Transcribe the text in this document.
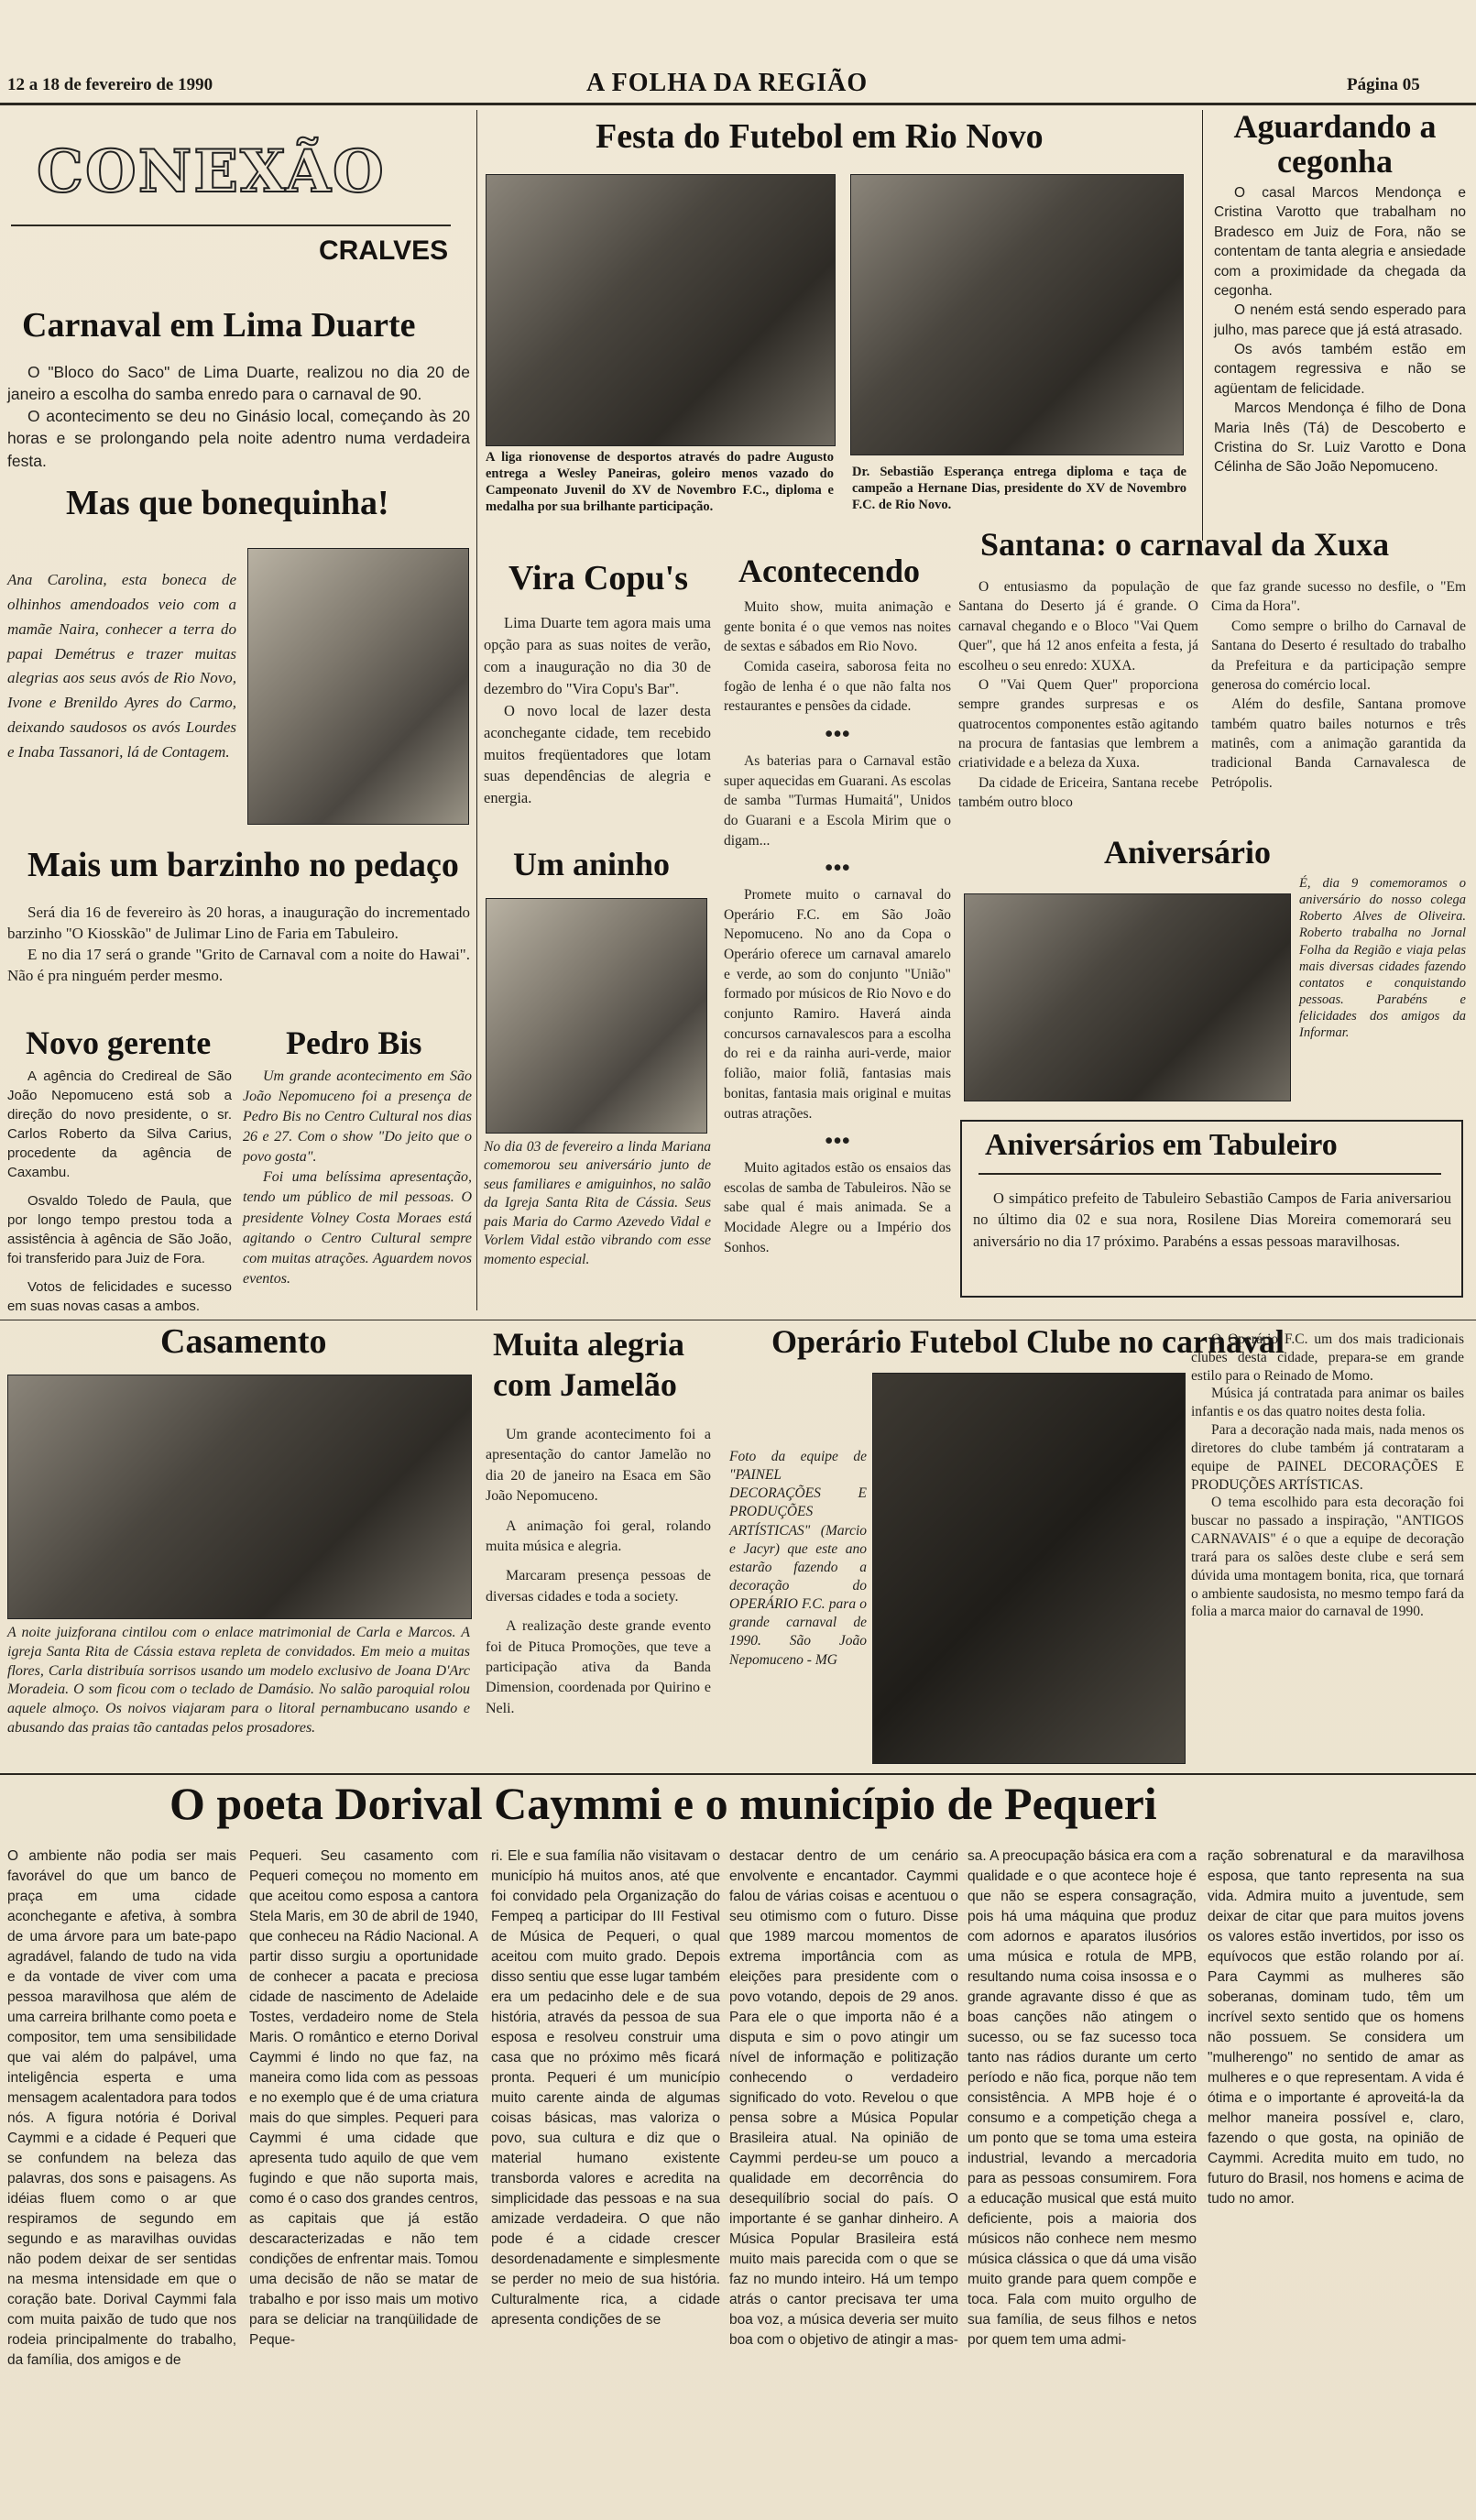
12 a 18 de fevereiro de 1990	A FOLHA DA REGIÃO	Página 05
CONEXÃO
CRALVES
Carnaval em Lima Duarte

O "Bloco do Saco" de Lima Duarte, realizou no dia 20 de janeiro a escolha do samba enredo para o carnaval de 90.

O acontecimento se deu no Ginásio local, começando às 20 horas e se prolongando pela noite adentro numa verdadeira festa.

Mas que bonequinha!
Ana Carolina, esta boneca de olhinhos amendoados veio com a mamãe Naira, conhecer a terra do papai Demétrus e trazer muitas alegrias aos seus avós de Rio Novo, Ivone e Brenildo Ayres do Carmo, deixando saudosos os avós Lourdes e Inaba Tassanori, lá de Contagem.
Mais um barzinho no pedaço

Será dia 16 de fevereiro às 20 horas, a inauguração do incrementado barzinho "O Kiosskão" de Julimar Lino de Faria em Tabuleiro.

E no dia 17 será o grande "Grito de Carnaval com a noite do Hawai". Não é pra ninguém perder mesmo.

Novo gerente

A agência do Credireal de São João Nepomuceno está sob a direção do novo presidente, o sr. Carlos Roberto da Silva Carius, procedente da agência de Caxambu.

Osvaldo Toledo de Paula, que por longo tempo prestou toda a assistência à agência de São João, foi transferido para Juiz de Fora.

Votos de felicidades e sucesso em suas novas casas a ambos.

Pedro Bis

Um grande acontecimento em São João Nepomuceno foi a presença de Pedro Bis no Centro Cultural nos dias 26 e 27. Com o show "Do jeito que o povo gosta".

Foi uma belíssima apresentação, tendo um público de mil pessoas. O presidente Volney Costa Moraes está agitando o Centro Cultural sempre com muitas atrações. Aguardem novos eventos.

Casamento
A noite juizforana cintilou com o enlace matrimonial de Carla e Marcos. A igreja Santa Rita de Cássia estava repleta de convidados. Em meio a muitas flores, Carla distribuía sorrisos usando um modelo exclusivo de Joana D'Arc Moradeia. O som ficou com o teclado de Damásio. No salão paroquial rolou aquele almoço. Os noivos viajaram para o litoral pernambucano usando e abusando das praias tão cantadas pelos prosadores.
Festa do Futebol em Rio Novo
A liga rionovense de desportos através do padre Augusto entrega a Wesley Paneiras, goleiro menos vazado do Campeonato Juvenil do XV de Novembro F.C., diploma e medalha por sua brilhante participação.
Dr. Sebastião Esperança entrega diploma e taça de campeão a Hernane Dias, presidente do XV de Novembro F.C. de Rio Novo.
Aguardando a cegonha

O casal Marcos Mendonça e Cristina Varotto que trabalham no Bradesco em Juiz de Fora, não se contentam de tanta alegria e ansiedade com a proximidade da chegada da cegonha.

O neném está sendo esperado para julho, mas parece que já está atrasado.

Os avós também estão em contagem regressiva e não se agüentam de felicidade.

Marcos Mendonça é filho de Dona Maria Inês (Tá) de Descoberto e Cristina do Sr. Luiz Varotto e Dona Célinha de São João Nepomuceno.

Vira Copu's

Lima Duarte tem agora mais uma opção para as suas noites de verão, com a inauguração no dia 30 de dezembro do "Vira Copu's Bar".

O novo local de lazer desta aconchegante cidade, tem recebido muitos freqüentadores que lotam suas dependências de alegria e energia.

Um aninho
No dia 03 de fevereiro a linda Mariana comemorou seu aniversário junto de seus familiares e amiguinhos, no salão da Igreja Santa Rita de Cássia. Seus pais Maria do Carmo Azevedo Vidal e Vorlem Vidal estão vibrando com esse momento especial.
Acontecendo

Muito show, muita animação e gente bonita é o que vemos nas noites de sextas e sábados em Rio Novo.

Comida caseira, saborosa feita no fogão de lenha é o que não falta nos restaurantes e pensões da cidade.

●●●

As baterias para o Carnaval estão super aquecidas em Guarani. As escolas de samba "Turmas Humaitá", Unidos do Guarani e a Escola Mirim que o digam...

●●●

Promete muito o carnaval do Operário F.C. em São João Nepomuceno. No ano da Copa o Operário oferece um carnaval amarelo e verde, ao som do conjunto "União" formado por músicos de Rio Novo e do conjunto Ramiro. Haverá ainda concursos carnavalescos para a escolha do rei e da rainha auri-verde, maior folião, maior foliã, fantasias mais bonitas, fantasia mais original e muitas outras atrações.

●●●

Muito agitados estão os ensaios das escolas de samba de Tabuleiros. Não se sabe qual é mais animada. Se a Mocidade Alegre ou a Império dos Sonhos.

Santana: o carnaval da Xuxa

O entusiasmo da população de Santana do Deserto já é grande. O carnaval chegando e o Bloco "Vai Quem Quer", que há 12 anos enfeita a festa, já escolheu o seu enredo: XUXA.

O "Vai Quem Quer" proporciona sempre grandes surpresas e os quatrocentos componentes estão agitando na procura de fantasias que lembrem a criatividade e a beleza da Xuxa.

Da cidade de Ericeira, Santana recebe também outro bloco

que faz grande sucesso no desfile, o "Em Cima da Hora".

Como sempre o brilho do Carnaval de Santana do Deserto é resultado do trabalho da Prefeitura e da participação sempre generosa do comércio local.

Além do desfile, Santana promove também quatro bailes noturnos e três matinês, com a animação garantida da tradicional Banda Carnavalesca de Petrópolis.

Aniversário
É, dia 9 comemoramos o aniversário do nosso colega Roberto Alves de Oliveira. Roberto trabalha no Jornal Folha da Região e viaja pelas mais diversas cidades fazendo contatos e conquistando pessoas. Parabéns e felicidades dos amigos da Informar.
Aniversários em Tabuleiro

O simpático prefeito de Tabuleiro Sebastião Campos de Faria aniversariou no último dia 02 e sua nora, Rosilene Dias Moreira comemorará seu aniversário no dia 17 próximo. Parabéns a essas pessoas maravilhosas.

Muita alegria com Jamelão

Um grande acontecimento foi a apresentação do cantor Jamelão no dia 20 de janeiro na Esaca em São João Nepomuceno.

A animação foi geral, rolando muita música e alegria.

Marcaram presença pessoas de diversas cidades e toda a society.

A realização deste grande evento foi de Pituca Promoções, que teve a participação ativa da Banda Dimension, coordenada por Quirino e Neli.

Operário Futebol Clube no carnaval
Foto da equipe de "PAINEL DECORAÇÕES E PRODUÇÕES ARTÍSTICAS" (Marcio e Jacyr) que este ano estarão fazendo a decoração do OPERÁRIO F.C. para o grande carnaval de 1990. São João Nepomuceno - MG

O Operário F.C. um dos mais tradicionais clubes desta cidade, prepara-se em grande estilo para o Reinado de Momo.

Música já contratada para animar os bailes infantis e os das quatro noites desta folia.

Para a decoração nada mais, nada menos os diretores do clube também já contrataram a equipe de PAINEL DECORAÇÕES E PRODUÇÕES ARTÍSTICAS.

O tema escolhido para esta decoração foi buscar no passado a inspiração, "ANTIGOS CARNAVAIS" é o que a equipe de decoração trará para os salões deste clube e será sem dúvida uma montagem bonita, rica, que tornará o ambiente saudosista, no mesmo tempo fará da folia a marca maior do carnaval de 1990.

O poeta Dorival Caymmi e o município de Pequeri
O ambiente não podia ser mais favorável do que um banco de praça em uma cidade aconchegante e afetiva, à sombra de uma árvore para um bate-papo agradável, falando de tudo na vida e da vontade de viver com uma pessoa maravilhosa que além de uma carreira brilhante como poeta e compositor, tem uma sensibilidade que vai além do palpável, uma inteligência esperta e uma mensagem acalentadora para todos nós. A figura notória é Dorival Caymmi e a cidade é Pequeri que se confundem na beleza das palavras, dos sons e paisagens. As idéias fluem como o ar que respiramos de segundo em segundo e as maravilhas ouvidas não podem deixar de ser sentidas na mesma intensidade em que o coração bate. Dorival Caymmi fala com muita paixão de tudo que nos rodeia principalmente do trabalho, da família, dos amigos e de
Pequeri. Seu casamento com Pequeri começou no momento em que aceitou como esposa a cantora Stela Maris, em 30 de abril de 1940, que conheceu na Rádio Nacional. A partir disso surgiu a oportunidade de conhecer a pacata e preciosa cidade de nascimento de Adelaide Tostes, verdadeiro nome de Stela Maris. O romântico e eterno Dorival Caymmi é lindo no que faz, na maneira como lida com as pessoas e no exemplo que é de uma criatura mais do que simples. Pequeri para Caymmi é uma cidade que apresenta tudo aquilo de que vem fugindo e que não suporta mais, como é o caso dos grandes centros, as capitais que já estão descaracterizadas e não tem condições de enfrentar mais. Tomou uma decisão de não se matar de trabalho e por isso mais um motivo para se deliciar na tranqüilidade de Peque-
ri. Ele e sua família não visitavam o município há muitos anos, até que foi convidado pela Organização do Fempeq a participar do III Festival de Música de Pequeri, o qual aceitou com muito grado. Depois disso sentiu que esse lugar também era um pedacinho dele e de sua história, através da pessoa de sua esposa e resolveu construir uma casa que no próximo mês ficará pronta. Pequeri é um município muito carente ainda de algumas coisas básicas, mas valoriza o povo, sua cultura e diz que o material humano existente transborda valores e acredita na simplicidade das pessoas e na sua amizade verdadeira. O que não pode é a cidade crescer desordenadamente e simplesmente se perder no meio de sua história. Culturalmente rica, a cidade apresenta condições de se
destacar dentro de um cenário envolvente e encantador. Caymmi falou de várias coisas e acentuou o seu otimismo com o futuro. Disse que 1989 marcou momentos de extrema importância com as eleições para presidente com o povo votando, depois de 29 anos. Para ele o que importa não é a disputa e sim o povo atingir um nível de informação e politização conhecendo o verdadeiro significado do voto. Revelou o que pensa sobre a Música Popular Brasileira atual. Na opinião de Caymmi perdeu-se um pouco a qualidade em decorrência do desequilíbrio social do país. O importante é se ganhar dinheiro. A Música Popular Brasileira está muito mais parecida com o que se faz no mundo inteiro. Há um tempo atrás o cantor precisava ter uma boa voz, a música deveria ser muito boa com o objetivo de atingir a mas-
sa. A preocupação básica era com a qualidade e o que acontece hoje é que não se espera consagração, pois há uma máquina que produz com adornos e aparatos ilusórios uma música e rotula de MPB, resultando numa coisa insossa e o grande agravante disso é que as boas canções não atingem o sucesso, ou se faz sucesso toca tanto nas rádios durante um certo período e não fica, porque não tem consistência. A MPB hoje é o consumo e a competição chega a um ponto que se toma uma esteira industrial, levando a mercadoria para as pessoas consumirem. Fora a educação musical que está muito deficiente, pois a maioria dos músicos não conhece nem mesmo música clássica o que dá uma visão muito grande para quem compõe e toca. Fala com muito orgulho de sua família, de seus filhos e netos por quem tem uma admi-
ração sobrenatural e da maravilhosa esposa, que tanto representa na sua vida. Admira muito a juventude, sem deixar de citar que para muitos jovens os valores estão invertidos, por isso os equívocos que estão rolando por aí. Para Caymmi as mulheres são soberanas, dominam tudo, têm um incrível sexto sentido que os homens não possuem. Se considera um "mulherengo" no sentido de amar as mulheres e o que representam. A vida é ótima e o importante é aproveitá-la da melhor maneira possível e, claro, fazendo o que gosta, na opinião de Caymmi. Acredita muito em tudo, no futuro do Brasil, nos homens e acima de tudo no amor.
